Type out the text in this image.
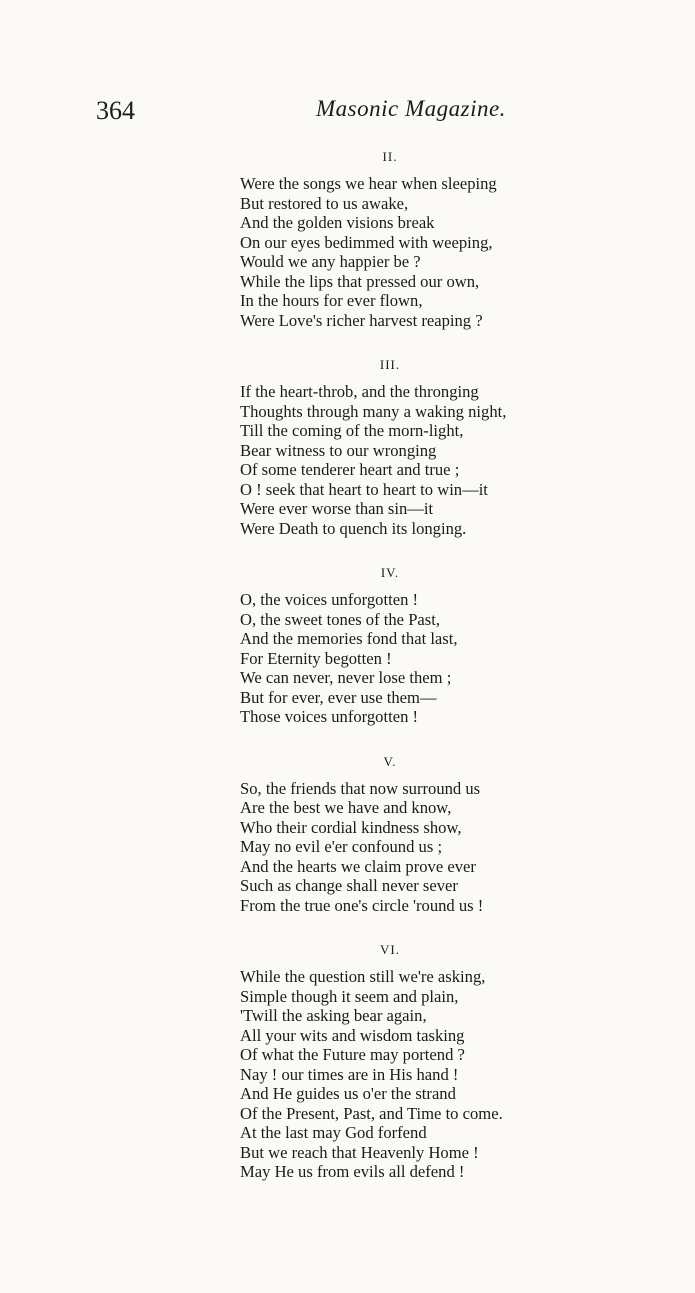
364	Masonic Magazine.
II.
Were the songs we hear when sleeping
But restored to us awake,
And the golden visions break
On our eyes bedimmed with weeping,
Would we any happier be ?
While the lips that pressed our own,
In the hours for ever flown,
Were Love's richer harvest reaping ?
III.
If the heart-throb, and the thronging
Thoughts through many a waking night,
Till the coming of the morn-light,
Bear witness to our wronging
Of some tenderer heart and true ;
O ! seek that heart to heart to win—it
Were ever worse than sin—it
Were Death to quench its longing.
IV.
O, the voices unforgotten !
O, the sweet tones of the Past,
And the memories fond that last,
For Eternity begotten !
We can never, never lose them ;
But for ever, ever use them—
Those voices unforgotten !
V.
So, the friends that now surround us
Are the best we have and know,
Who their cordial kindness show,
May no evil e'er confound us ;
And the hearts we claim prove ever
Such as change shall never sever
From the true one's circle 'round us !
VI.
While the question still we're asking,
Simple though it seem and plain,
'Twill the asking bear again,
All your wits and wisdom tasking
Of what the Future may portend ?
Nay ! our times are in His hand !
And He guides us o'er the strand
Of the Present, Past, and Time to come.
At the last may God forfend
But we reach that Heavenly Home !
May He us from evils all defend !
